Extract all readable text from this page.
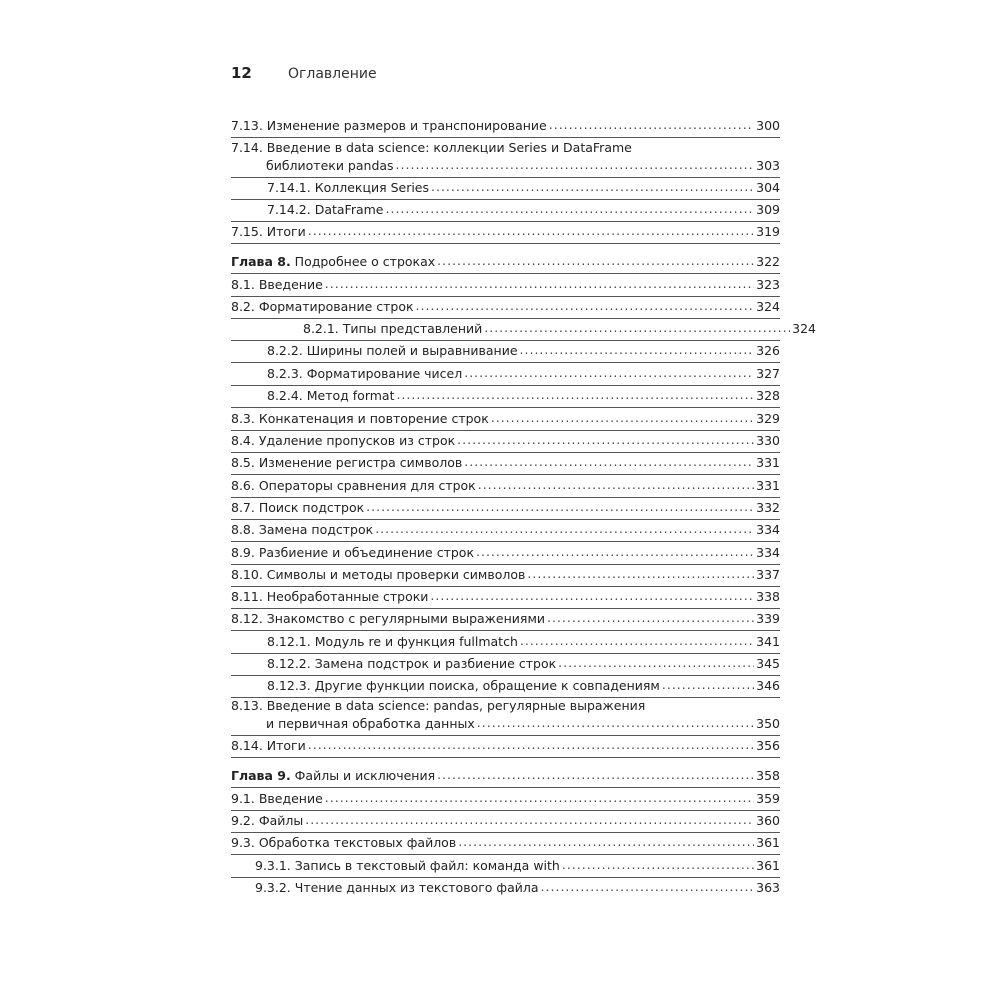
12	Оглавление
7.13. Изменение размеров и транспонирование .....	300
7.14. Введение в data science: коллекции Series и DataFrame
библиотеки pandas .....	303
7.14.1. Коллекция Series .....	304
7.14.2. DataFrame .....	309
7.15. Итоги .....	319
Глава 8. Подробнее о строках .....	322
8.1. Введение .....	323
8.2. Форматирование строк .....	324
8.2.1. Типы представлений .....	324
8.2.2. Ширины полей и выравнивание .....	326
8.2.3. Форматирование чисел .....	327
8.2.4. Метод format .....	328
8.3. Конкатенация и повторение строк .....	329
8.4. Удаление пропусков из строк .....	330
8.5. Изменение регистра символов .....	331
8.6. Операторы сравнения для строк .....	331
8.7. Поиск подстрок .....	332
8.8. Замена подстрок .....	334
8.9. Разбиение и объединение строк .....	334
8.10. Символы и методы проверки символов .....	337
8.11. Необработанные строки .....	338
8.12. Знакомство с регулярными выражениями .....	339
8.12.1. Модуль re и функция fullmatch .....	341
8.12.2. Замена подстрок и разбиение строк .....	345
8.12.3. Другие функции поиска, обращение к совпадениям .....	346
8.13. Введение в data science: pandas, регулярные выражения
и первичная обработка данных .....	350
8.14. Итоги .....	356
Глава 9. Файлы и исключения .....	358
9.1. Введение .....	359
9.2. Файлы .....	360
9.3. Обработка текстовых файлов .....	361
9.3.1. Запись в текстовый файл: команда with .....	361
9.3.2. Чтение данных из текстового файла .....	363
